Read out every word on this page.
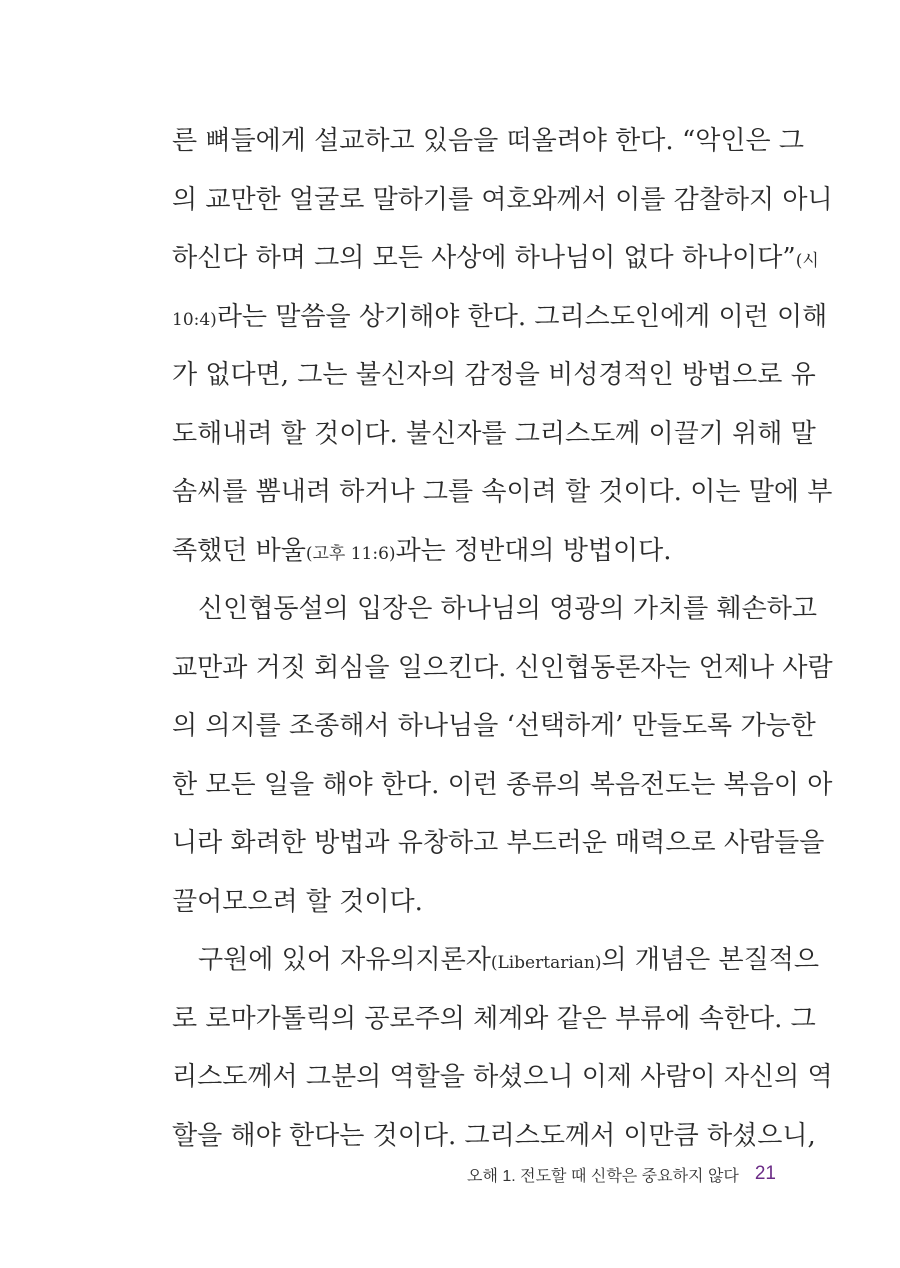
른 뼈들에게 설교하고 있음을 떠올려야 한다. “악인은 그
의 교만한 얼굴로 말하기를 여호와께서 이를 감찰하지 아니
하신다 하며 그의 모든 사상에 하나님이 없다 하나이다”(시
10:4)라는 말씀을 상기해야 한다. 그리스도인에게 이런 이해
가 없다면, 그는 불신자의 감정을 비성경적인 방법으로 유
도해내려 할 것이다. 불신자를 그리스도께 이끌기 위해 말
솜씨를 뽐내려 하거나 그를 속이려 할 것이다. 이는 말에 부
족했던 바울(고후 11:6)과는 정반대의 방법이다.
신인협동설의 입장은 하나님의 영광의 가치를 훼손하고
교만과 거짓 회심을 일으킨다. 신인협동론자는 언제나 사람
의 의지를 조종해서 하나님을 ‘선택하게’ 만들도록 가능한
한 모든 일을 해야 한다. 이런 종류의 복음전도는 복음이 아
니라 화려한 방법과 유창하고 부드러운 매력으로 사람들을
끌어모으려 할 것이다.
구원에 있어 자유의지론자(Libertarian)의 개념은 본질적으
로 로마가톨릭의 공로주의 체계와 같은 부류에 속한다. 그
리스도께서 그분의 역할을 하셨으니 이제 사람이 자신의 역
할을 해야 한다는 것이다. 그리스도께서 이만큼 하셨으니,
오해 1. 전도할 때 신학은 중요하지 않다 21
